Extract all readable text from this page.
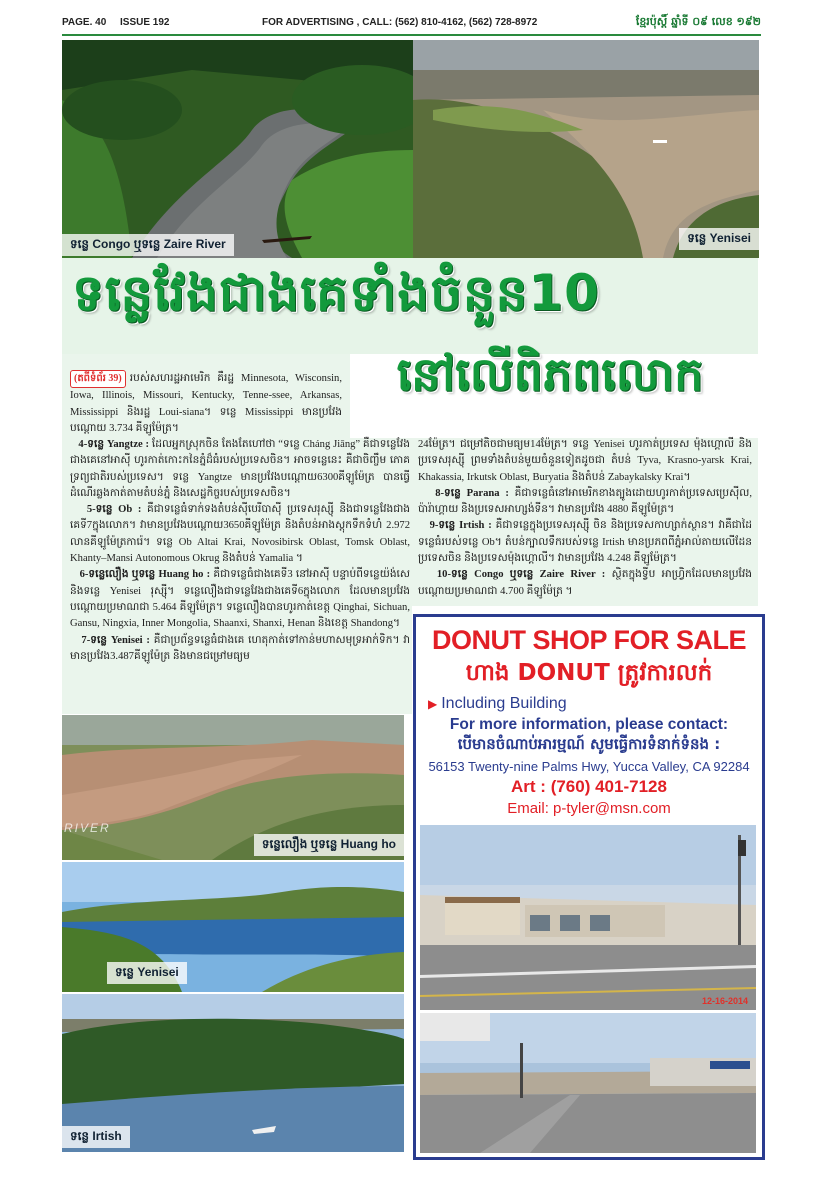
PAGE. 40 ISSUE 192	FOR ADVERTISING , CALL: (562) 810-4162, (562) 728-8972	ខ្មែរប៉ុស្តិ៍ ឆ្នាំទី ០៩ លេខ ១៩២
ទន្លេ Congo ឬទន្លេ Zaire River	ទន្លេ Yenisei
ទន្លេវែងជាងគេទាំងចំនួន10
នៅលើពិភពលោក

(តពីទំព័រ 39) របស់សហរដ្ឋអាមេរិក គឺរដ្ឋ Minnesota, Wisconsin, Iowa, Illinois, Missouri, Kentucky, Tenne-ssee, Arkansas, Mississippi និងរដ្ឋ Loui-siana។ ទន្លេ Mississippi មានប្រវែង បណ្តោយ 3.734 គីឡូម៉ែត្រ។

4-ទន្លេ Yangtze : ដែលអ្នកស្រុកចិន តែងតែហៅថា “ទន្លេ Cháng Jiāng” គឺជាទន្លេវែងជាងគេនៅអាស៊ី ហូរកាត់កោះកនៃភ្នំដ៏ធំរបស់ប្រទេសចិន។ អាចទន្លេនេះ គឺជាចិញ្ចឹម ភោគទ្រព្យជាតិរបស់ប្រទេស។ ទន្លេ Yangtze មានប្រវែងបណ្តោយ6300គីឡូម៉ែត្រ បានធ្វើដំណើរឆ្លងកាត់តាមតំបន់ភ្នំ និងសេដ្ឋកិច្ចរបស់ប្រទេសចិន។

5-ទន្លេ Ob : គឺជាទន្លេធំទាក់ទងតំបន់ស៊ីបេរីបាស៊ី ប្រទេសរុស្ស៊ី និងជាទន្លេវែងជាងគេទី7ក្នុងលោក។ វាមានប្រវែងបណ្តោយ3650គីឡូម៉ែត្រ និងតំបន់អាងស្តុកទឹកទំហំ 2.972 លានគីឡូម៉ែត្រការ៉េ។ ទន្លេ Ob Altai Krai, Novosibirsk Oblast, Tomsk Oblast, Khanty–Mansi Autonomous Okrug និងតំបន់ Yamalia ។

6-ទន្លេលឿង ឬទន្លេ Huang ho : គឺជាទន្លេធំជាងគេទី3 នៅអាស៊ី បន្ទាប់ពីទន្លេយ៉ង់សេ និងទន្លេ Yenisei រុស្ស៊ី។ ទន្លេលឿងជាទន្លេវែងជាងគេទី6ក្នុងលោក ដែលមានប្រវែងបណ្តោយប្រមាណជា 5.464 គីឡូម៉ែត្រ។ ទន្លេលឿងបានហូរកាត់ខេត្ត Qinghai, Sichuan, Gansu, Ningxia, Inner Mongolia, Shaanxi, Shanxi, Henan និងខេត្ត Shandong។

7-ទន្លេ Yenisei : គឺជាប្រព័ន្ធទន្លេធំជាងគេ ហេតុកាត់ទៅកាន់មហាសមុទ្រអាក់ទិក។ វាមានប្រវែង3.487គីឡូម៉ែត្រ និងមានជម្រៅមធ្យម

24ម៉ែត្រ។ ជម្រៅតិចជាមធ្យម14ម៉ែត្រ។ ទន្លេ Yenisei ហូរកាត់ប្រទេស ម៉ុងហ្គោលី និងប្រទេសរុស្ស៊ី ព្រមទាំងតំបន់មួយចំនួនទៀតដូចជា តំបន់ Tyva, Krasno-yarsk Krai, Khakassia, Irkutsk Oblast, Buryatia និងតំបន់ Zabaykalsky Krai។

8-ទន្លេ Parana : គឺជាទន្លេធំនៅអាមេរិកខាងត្បូងដោយហូរកាត់ប្រទេសប្រេស៊ីល, ប៉ារ៉ាហ្គាយ និងប្រទេសអាហ្សង់ទីន។ វាមានប្រវែង 4880 គីឡូម៉ែត្រ។

9-ទន្លេ Irtish : គឺជាទន្លេក្នុងប្រទេសរុស្ស៊ី ចិន និងប្រទេសកាហ្សាក់ស្ថាន។ វាគឺជាដៃទន្លេធំរបស់ទន្លេ Ob។ តំបន់ក្បាលទឹករបស់ទន្លេ Irtish មានប្រភពពីភ្នំអាល់តាយលើដែនប្រទេសចិន និងប្រទេសម៉ុងហ្គោលី។ វាមានប្រវែង 4.248 គីឡូម៉ែត្រ។

10-ទន្លេ Congo ឬទន្លេ Zaire River : ស្ថិតក្នុងទ្វីប អាហ្វ្រិកដែលមានប្រវែងបណ្តោយប្រមាណជា 4.700 គីឡូម៉ែត្រ ។

RIVER
ទន្លេលឿង ឬទន្លេ Huang ho
ទន្លេ Yenisei
ទន្លេ Irtish
DONUT SHOP FOR SALE
ហាង DONUT ត្រូវការលក់
▶ Including Building
For more information, please contact:
បើមានចំណាប់អារម្មណ៍ សូមធ្វើការទំនាក់ទំនង :
56153 Twenty-nine Palms Hwy, Yucca Valley, CA 92284
Art : (760) 401-7128
Email: p-tyler@msn.com
12-16-2014
